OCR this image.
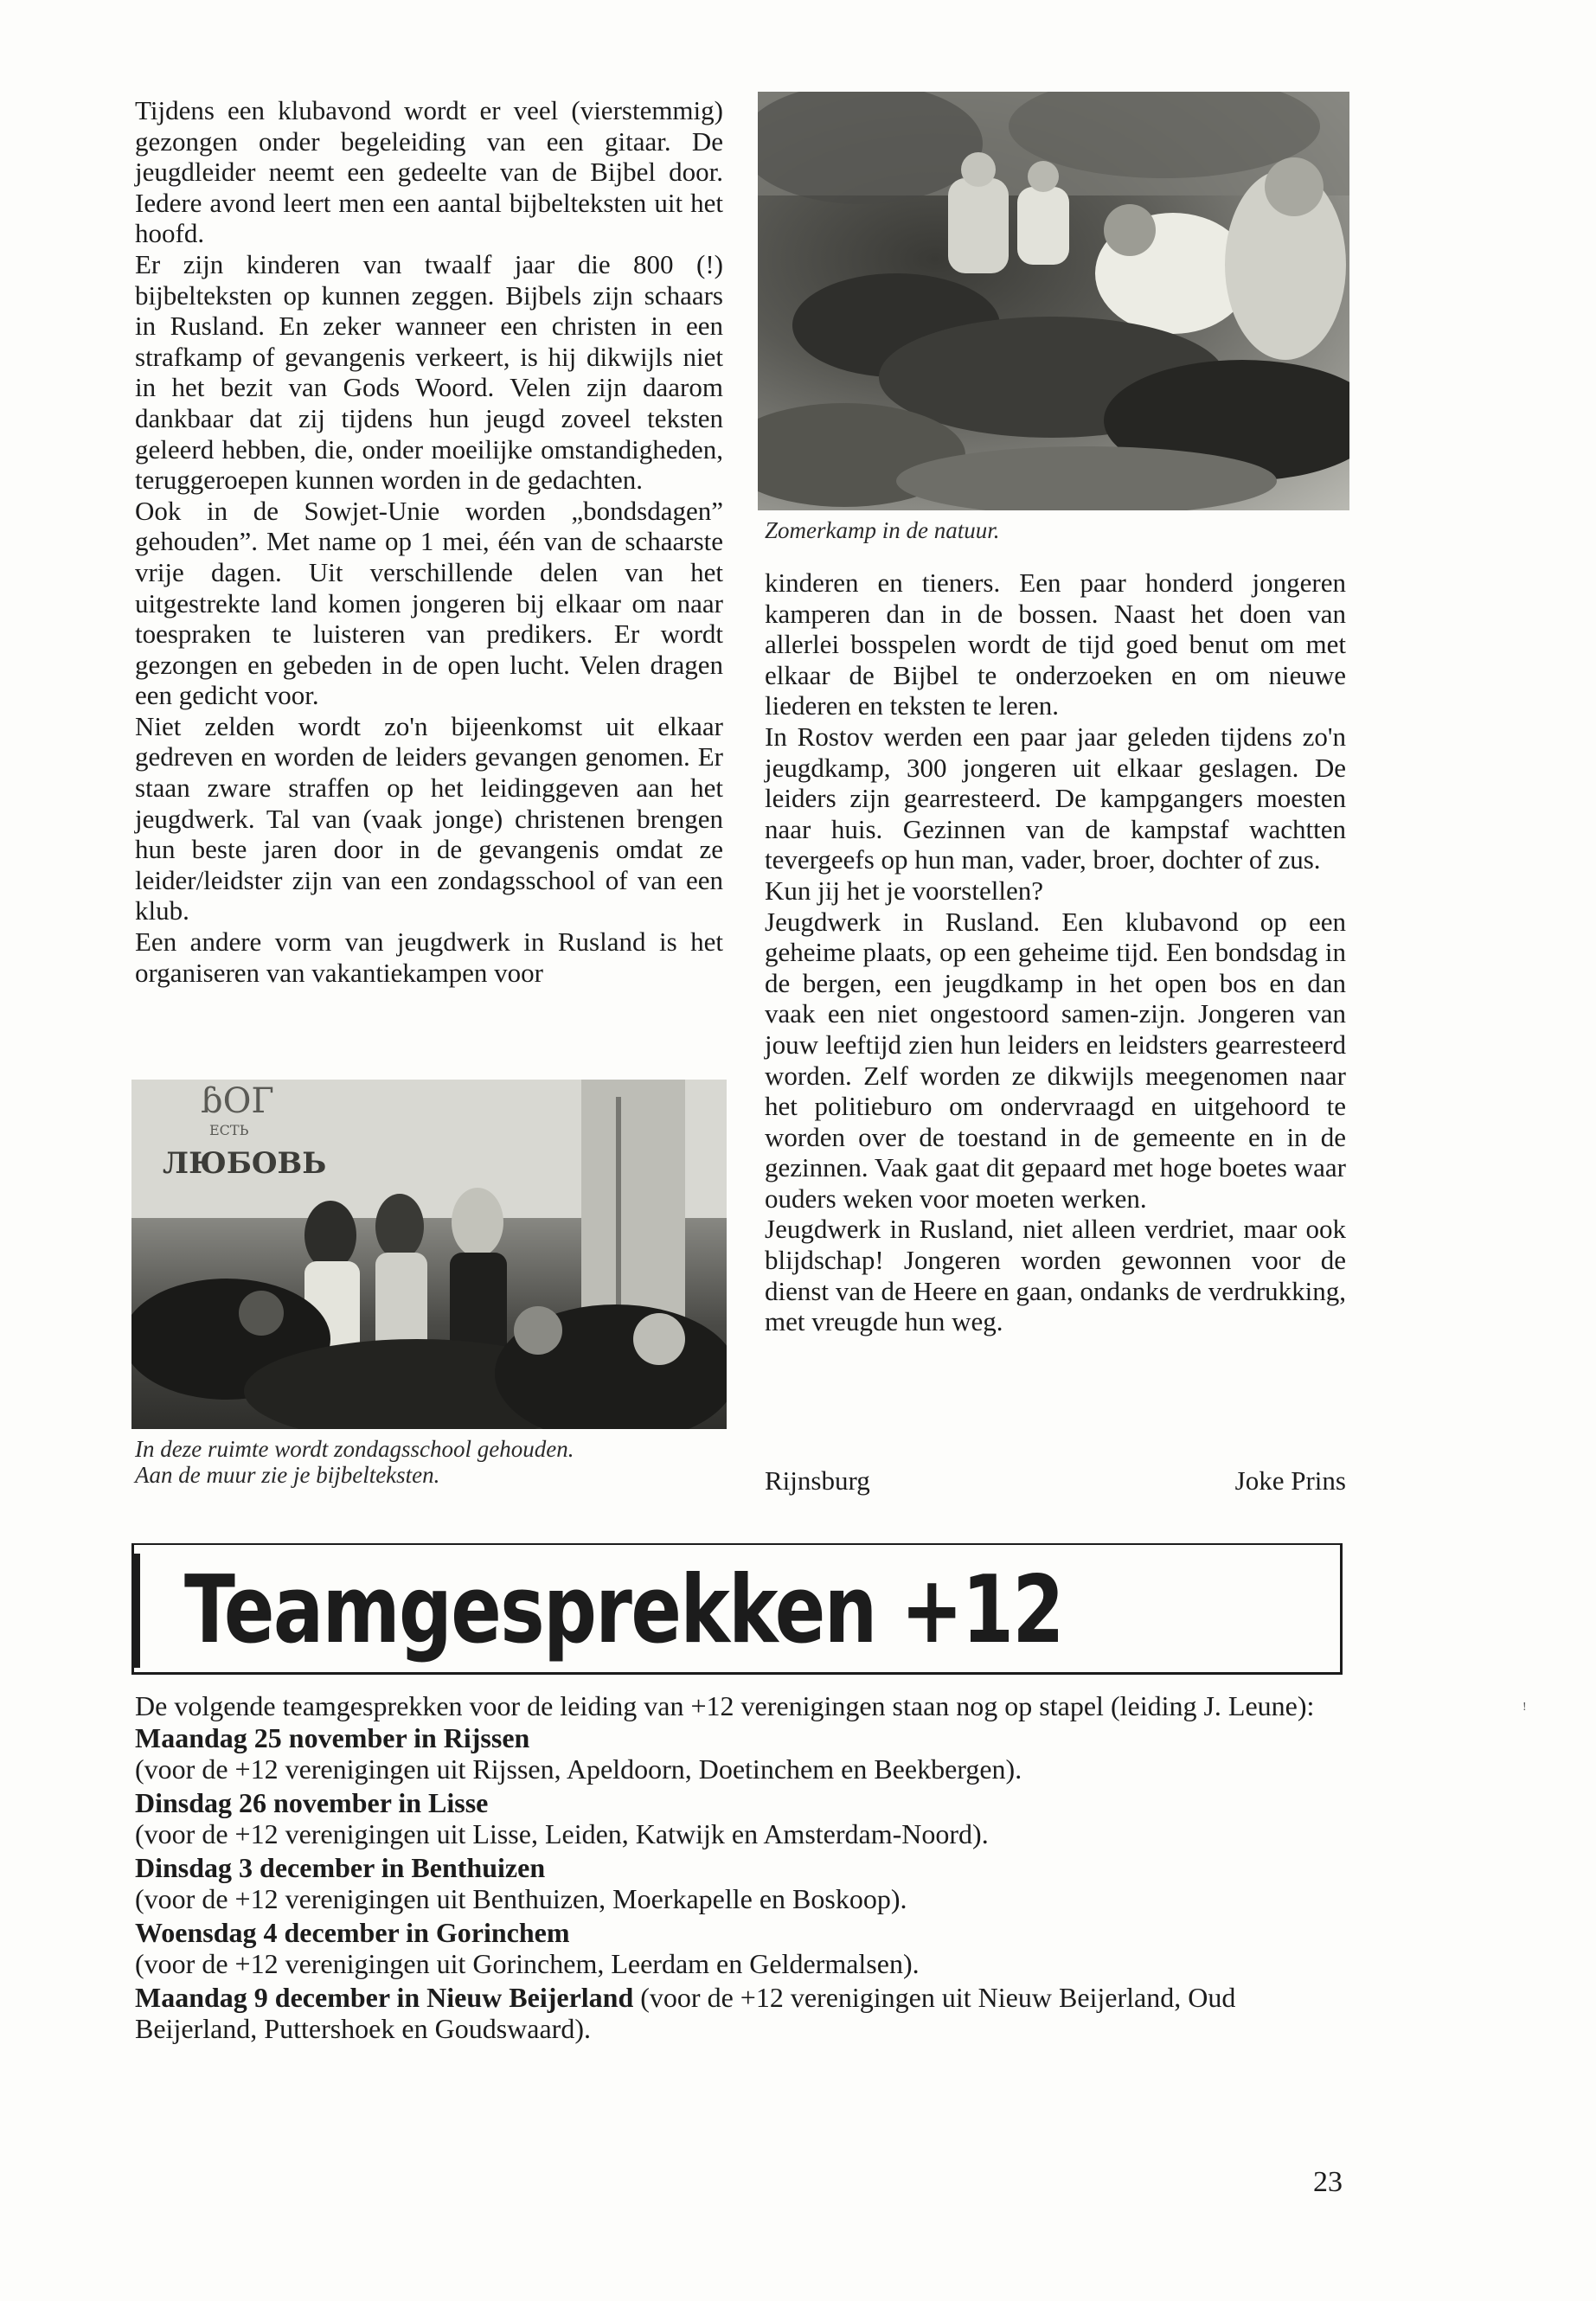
Tijdens een klubavond wordt er veel (vierstemmig) gezongen onder begeleiding van een gitaar. De jeugdleider neemt een gedeelte van de Bijbel door. Iedere avond leert men een aantal bijbelteksten uit het hoofd.

Er zijn kinderen van twaalf jaar die 800 (!) bijbelteksten op kunnen zeggen. Bijbels zijn schaars in Rusland. En zeker wanneer een christen in een strafkamp of gevangenis verkeert, is hij dikwijls niet in het bezit van Gods Woord. Velen zijn daarom dankbaar dat zij tijdens hun jeugd zoveel teksten geleerd hebben, die, onder moeilijke omstandigheden, teruggeroepen kunnen worden in de gedachten.

Ook in de Sowjet-Unie worden „bondsdagen” gehouden”. Met name op 1 mei, één van de schaarste vrije dagen. Uit verschillende delen van het uitgestrekte land komen jongeren bij elkaar om naar toespraken te luisteren van predikers. Er wordt gezongen en gebeden in de open lucht. Velen dragen een gedicht voor.

Niet zelden wordt zo'n bijeenkomst uit elkaar gedreven en worden de leiders gevangen genomen. Er staan zware straffen op het leidinggeven aan het jeugdwerk. Tal van (vaak jonge) christenen brengen hun beste jaren door in de gevangenis omdat ze leider/leidster zijn van een zondagsschool of van een klub.

Een andere vorm van jeugdwerk in Rusland is het organiseren van vakantiekampen voor

Zomerkamp in de natuur.

kinderen en tieners. Een paar honderd jongeren kamperen dan in de bossen. Naast het doen van allerlei bosspelen wordt de tijd goed benut om met elkaar de Bijbel te onderzoeken en om nieuwe liederen en teksten te leren.

In Rostov werden een paar jaar geleden tijdens zo'n jeugdkamp, 300 jongeren uit elkaar geslagen. De leiders zijn gearresteerd. De kampgangers moesten naar huis. Gezinnen van de kampstaf wachtten tevergeefs op hun man, vader, broer, dochter of zus.

Kun jij het je voorstellen?

Jeugdwerk in Rusland. Een klubavond op een geheime plaats, op een geheime tijd. Een bondsdag in de bergen, een jeugdkamp in het open bos en dan vaak een niet ongestoord samen-zijn. Jongeren van jouw leeftijd zien hun leiders en leidsters gearresteerd worden. Zelf worden ze dikwijls meegenomen naar het politieburo om ondervraagd en uitgehoord te worden over de toestand in de gemeente en in de gezinnen. Vaak gaat dit gepaard met hoge boetes waar ouders weken voor moeten werken.

Jeugdwerk in Rusland, niet alleen verdriet, maar ook blijdschap! Jongeren worden gewonnen voor de dienst van de Heere en gaan, ondanks de verdrukking, met vreugde hun weg.

ɓOГ
ЕСТЬ
ЛЮБОВЬ
In deze ruimte wordt zondagsschool gehouden.
Aan de muur zie je bijbelteksten.	Rijnsburg	Joke Prins
Teamgesprekken +12

De volgende teamgesprekken voor de leiding van +12 verenigingen staan nog op stapel (leiding J. Leune):

Maandag 25 november in Rijssen

(voor de +12 verenigingen uit Rijssen, Apeldoorn, Doetinchem en Beekbergen).

Dinsdag 26 november in Lisse

(voor de +12 verenigingen uit Lisse, Leiden, Katwijk en Amsterdam-Noord).

Dinsdag 3 december in Benthuizen

(voor de +12 verenigingen uit Benthuizen, Moerkapelle en Boskoop).

Woensdag 4 december in Gorinchem

(voor de +12 verenigingen uit Gorinchem, Leerdam en Geldermalsen).

Maandag 9 december in Nieuw Beijerland (voor de +12 verenigingen uit Nieuw Beijerland, Oud Beijerland, Puttershoek en Goudswaard).

!
23
